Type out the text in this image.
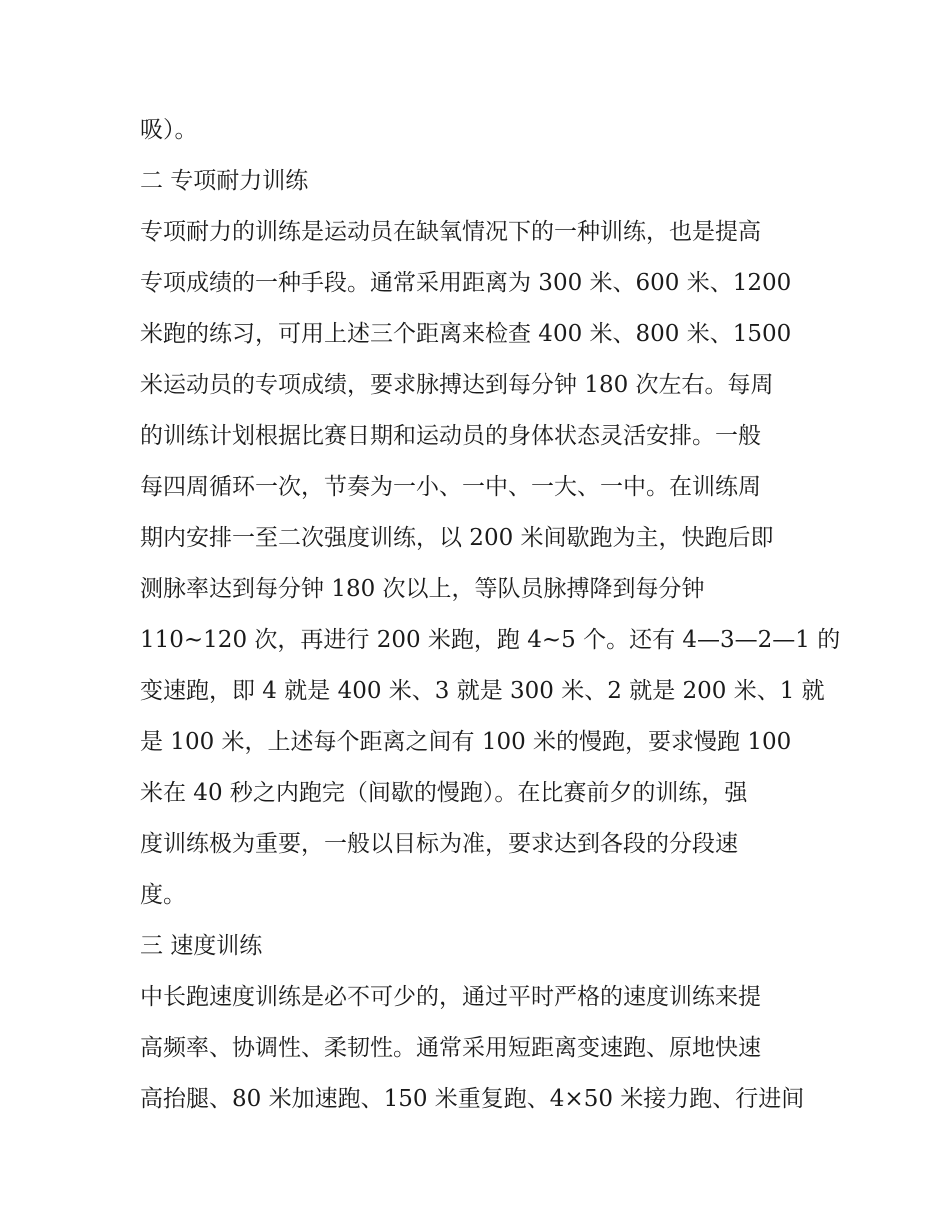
吸）。
二 专项耐力训练
专项耐力的训练是运动员在缺氧情况下的一种训练，也是提高
专项成绩的一种手段。通常采用距离为 300 米、600 米、1200
米跑的练习，可用上述三个距离来检查 400 米、800 米、1500
米运动员的专项成绩，要求脉搏达到每分钟 180 次左右。每周
的训练计划根据比赛日期和运动员的身体状态灵活安排。一般
每四周循环一次，节奏为一小、一中、一大、一中。在训练周
期内安排一至二次强度训练，以 200 米间歇跑为主，快跑后即
测脉率达到每分钟 180 次以上，等队员脉搏降到每分钟
110~120 次，再进行 200 米跑，跑 4~5 个。还有 4—3—2—1 的
变速跑，即 4 就是 400 米、3 就是 300 米、2 就是 200 米、1 就
是 100 米，上述每个距离之间有 100 米的慢跑，要求慢跑 100
米在 40 秒之内跑完（间歇的慢跑）。在比赛前夕的训练，强
度训练极为重要，一般以目标为准，要求达到各段的分段速
度。
三 速度训练
中长跑速度训练是必不可少的，通过平时严格的速度训练来提
高频率、协调性、柔韧性。通常采用短距离变速跑、原地快速
高抬腿、80 米加速跑、150 米重复跑、4×50 米接力跑、行进间
